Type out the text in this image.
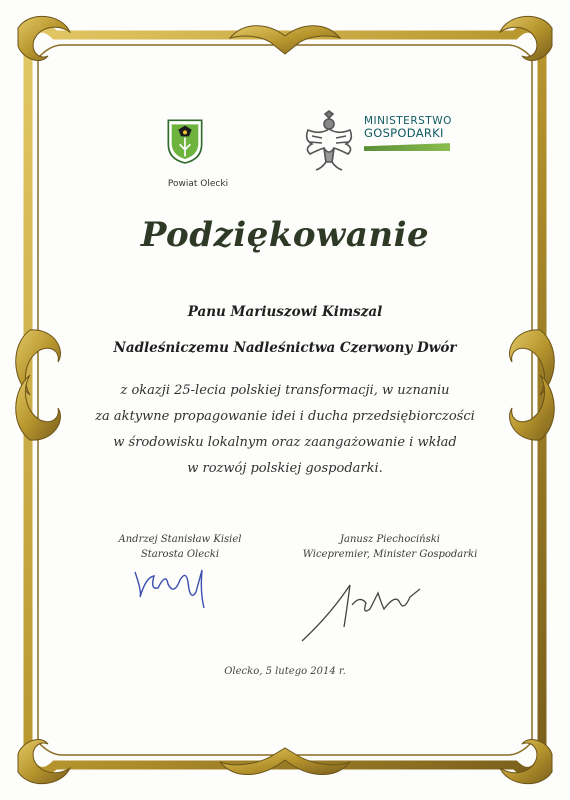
Powiat Olecki
MINISTERSTWO
GOSPODARKI
Podziękowanie
Panu Mariuszowi Kimszal
Nadleśniczemu Nadleśnictwa Czerwony Dwór
z okazji 25-lecia polskiej transformacji, w uznaniu
za aktywne propagowanie idei i ducha przedsiębiorczości
w środowisku lokalnym oraz zaangażowanie i wkład
w rozwój polskiej gospodarki.
Andrzej Stanisław Kisiel
Starosta Olecki
Janusz Piechociński
Wicepremier, Minister Gospodarki
Olecko, 5 lutego 2014 r.
